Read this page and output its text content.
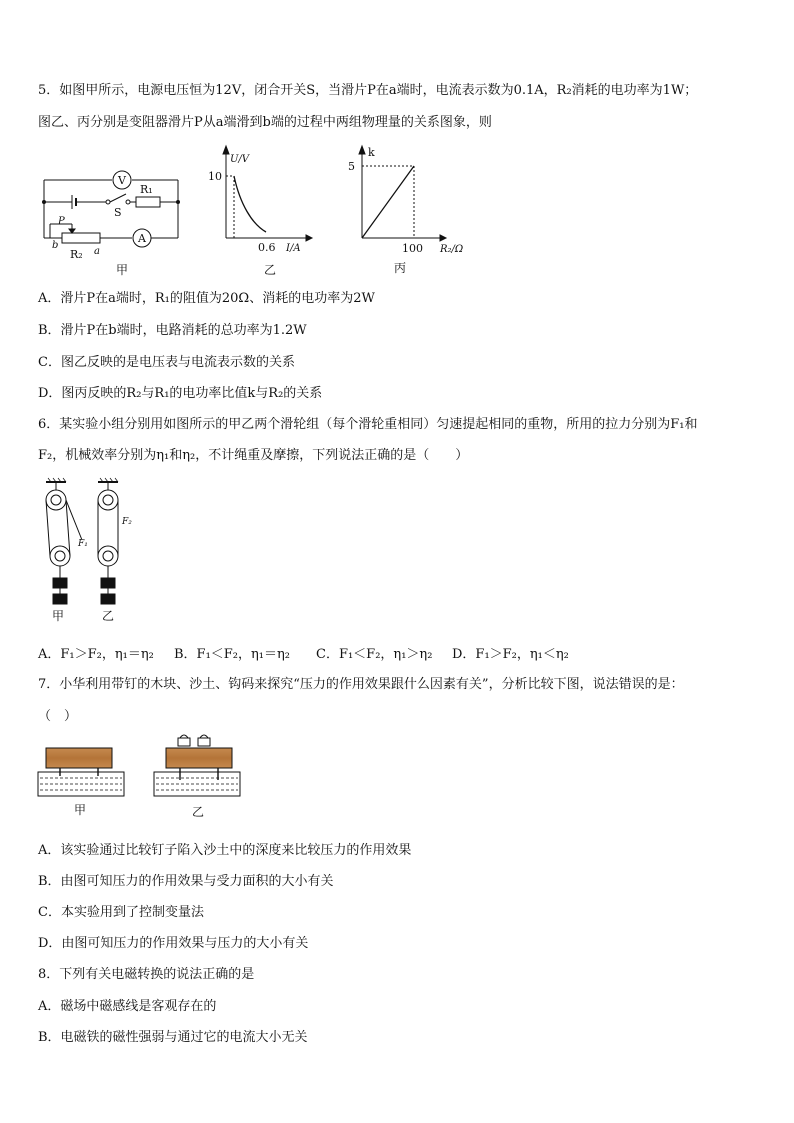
5．如图甲所示，电源电压恒为12V，闭合开关S，当滑片P在a端时，电流表示数为0.1A，R₂消耗的电功率为1W；
图乙、丙分别是变阻器滑片P从a端滑到b端的过程中两组物理量的关系图象，则
V
A
R₁
S
P
a
b
R₂
甲
U/V
10
0.6 I/A
乙
k
5
100 R₂/Ω
丙
A．滑片P在a端时，R₁的阻值为20Ω、消耗的电功率为2W
B．滑片P在b端时，电路消耗的总功率为1.2W
C．图乙反映的是电压表与电流表示数的关系
D．图丙反映的R₂与R₁的电功率比值k与R₂的关系
6．某实验小组分别用如图所示的甲乙两个滑轮组（每个滑轮重相同）匀速提起相同的重物，所用的拉力分别为F₁和
F₂，机械效率分别为η₁和η₂，不计绳重及摩擦，下列说法正确的是（　　）
F₁
F₂
甲	乙
A．F₁＞F₂，η₁＝η₂ B．F₁＜F₂，η₁＝η₂ C．F₁＜F₂，η₁＞η₂ D．F₁＞F₂，η₁＜η₂
7．小华利用带钉的木块、沙土、钩码来探究“压力的作用效果跟什么因素有关”，分析比较下图，说法错误的是：
（　）
甲	乙
A．该实验通过比较钉子陷入沙土中的深度来比较压力的作用效果
B．由图可知压力的作用效果与受力面积的大小有关
C．本实验用到了控制变量法
D．由图可知压力的作用效果与压力的大小有关
8．下列有关电磁转换的说法正确的是
A．磁场中磁感线是客观存在的
B．电磁铁的磁性强弱与通过它的电流大小无关
